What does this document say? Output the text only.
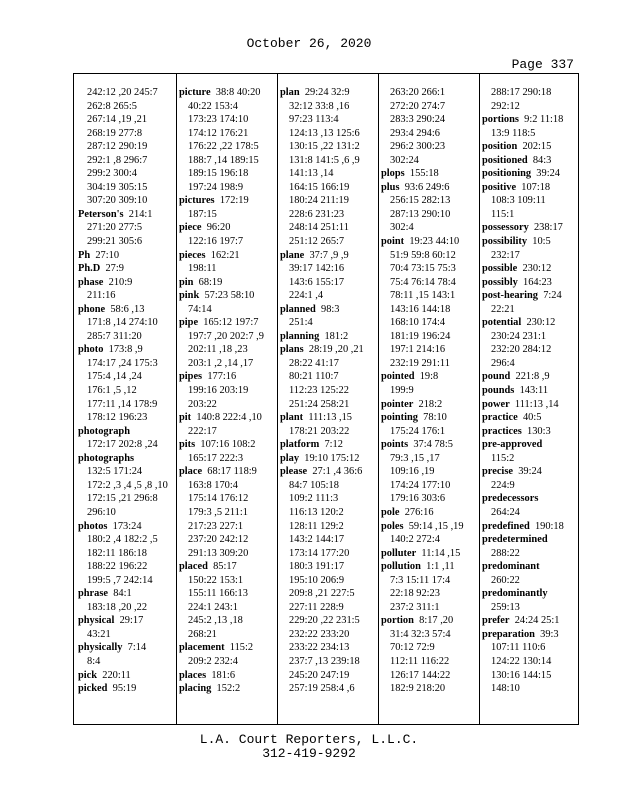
October 26, 2020
Page 337
242:12 ,20 245:7
262:8 265:5
267:14 ,19 ,21
268:19 277:8
287:12 290:19
292:1 ,8 296:7
299:2 300:4
304:19 305:15
307:20 309:10
Peterson's 214:1
271:20 277:5
299:21 305:6
Ph 27:10
Ph.D 27:9
phase 210:9
211:16
phone 58:6 ,13
171:8 ,14 274:10
285:7 311:20
photo 173:8 ,9
174:17 ,24 175:3
175:4 ,14 ,24
176:1 ,5 ,12
177:11 ,14 178:9
178:12 196:23
photograph
172:17 202:8 ,24
photographs
132:5 171:24
172:2 ,3 ,4 ,5 ,8 ,10
172:15 ,21 296:8
296:10
photos 173:24
180:2 ,4 182:2 ,5
182:11 186:18
188:22 196:22
199:5 ,7 242:14
phrase 84:1
183:18 ,20 ,22
physical 29:17
43:21
physically 7:14
8:4
pick 220:11
picked 95:19
picture 38:8 40:20
40:22 153:4
173:23 174:10
174:12 176:21
176:22 ,22 178:5
188:7 ,14 189:15
189:15 196:18
197:24 198:9
pictures 172:19
187:15
piece 96:20
122:16 197:7
pieces 162:21
198:11
pin 68:19
pink 57:23 58:10
74:14
pipe 165:12 197:7
197:7 ,20 202:7 ,9
202:11 ,18 ,23
203:1 ,2 ,14 ,17
pipes 177:16
199:16 203:19
203:22
pit 140:8 222:4 ,10
222:17
pits 107:16 108:2
165:17 222:3
place 68:17 118:9
163:8 170:4
175:14 176:12
179:3 ,5 211:1
217:23 227:1
237:20 242:12
291:13 309:20
placed 85:17
150:22 153:1
155:11 166:13
224:1 243:1
245:2 ,13 ,18
268:21
placement 115:2
209:2 232:4
places 181:6
placing 152:2
plan 29:24 32:9
32:12 33:8 ,16
97:23 113:4
124:13 ,13 125:6
130:15 ,22 131:2
131:8 141:5 ,6 ,9
141:13 ,14
164:15 166:19
180:24 211:19
228:6 231:23
248:14 251:11
251:12 265:7
plane 37:7 ,9 ,9
39:17 142:16
143:6 155:17
224:1 ,4
planned 98:3
251:4
planning 181:2
plans 28:19 ,20 ,21
28:22 41:17
80:21 110:7
112:23 125:22
251:24 258:21
plant 111:13 ,15
178:21 203:22
platform 7:12
play 19:10 175:12
please 27:1 ,4 36:6
84:7 105:18
109:2 111:3
116:13 120:2
128:11 129:2
143:2 144:17
173:14 177:20
180:3 191:17
195:10 206:9
209:8 ,21 227:5
227:11 228:9
229:20 ,22 231:5
232:22 233:20
233:22 234:13
237:7 ,13 239:18
245:20 247:19
257:19 258:4 ,6
263:20 266:1
272:20 274:7
283:3 290:24
293:4 294:6
296:2 300:23
302:24
plops 155:18
plus 93:6 249:6
256:15 282:13
287:13 290:10
302:4
point 19:23 44:10
51:9 59:8 60:12
70:4 73:15 75:3
75:4 76:14 78:4
78:11 ,15 143:1
143:16 144:18
168:10 174:4
181:19 196:24
197:1 214:16
232:19 291:11
pointed 19:8
199:9
pointer 218:2
pointing 78:10
175:24 176:1
points 37:4 78:5
79:3 ,15 ,17
109:16 ,19
174:24 177:10
179:16 303:6
pole 276:16
poles 59:14 ,15 ,19
140:2 272:4
polluter 11:14 ,15
pollution 1:1 ,11
7:3 15:11 17:4
22:18 92:23
237:2 311:1
portion 8:17 ,20
31:4 32:3 57:4
70:12 72:9
112:11 116:22
126:17 144:22
182:9 218:20
288:17 290:18
292:12
portions 9:2 11:18
13:9 118:5
position 202:15
positioned 84:3
positioning 39:24
positive 107:18
108:3 109:11
115:1
possessory 238:17
possibility 10:5
232:17
possible 230:12
possibly 164:23
post-hearing 7:24
22:21
potential 230:12
230:24 231:1
232:20 284:12
296:4
pound 221:8 ,9
pounds 143:11
power 111:13 ,14
practice 40:5
practices 130:3
pre-approved
115:2
precise 39:24
224:9
predecessors
264:24
predefined 190:18
predetermined
288:22
predominant
260:22
predominantly
259:13
prefer 24:24 25:1
preparation 39:3
107:11 110:6
124:22 130:14
130:16 144:15
148:10
L.A. Court Reporters, L.L.C.
312-419-9292
